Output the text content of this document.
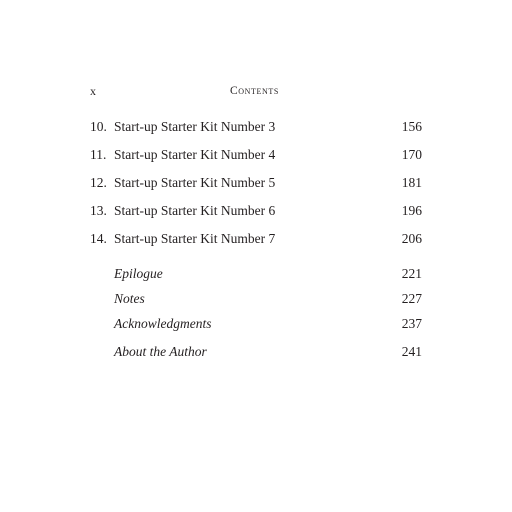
x	Contents
10. Start-up Starter Kit Number 3	156
11. Start-up Starter Kit Number 4	170
12. Start-up Starter Kit Number 5	181
13. Start-up Starter Kit Number 6	196
14. Start-up Starter Kit Number 7	206
Epilogue	221
Notes	227
Acknowledgments	237
About the Author	241
